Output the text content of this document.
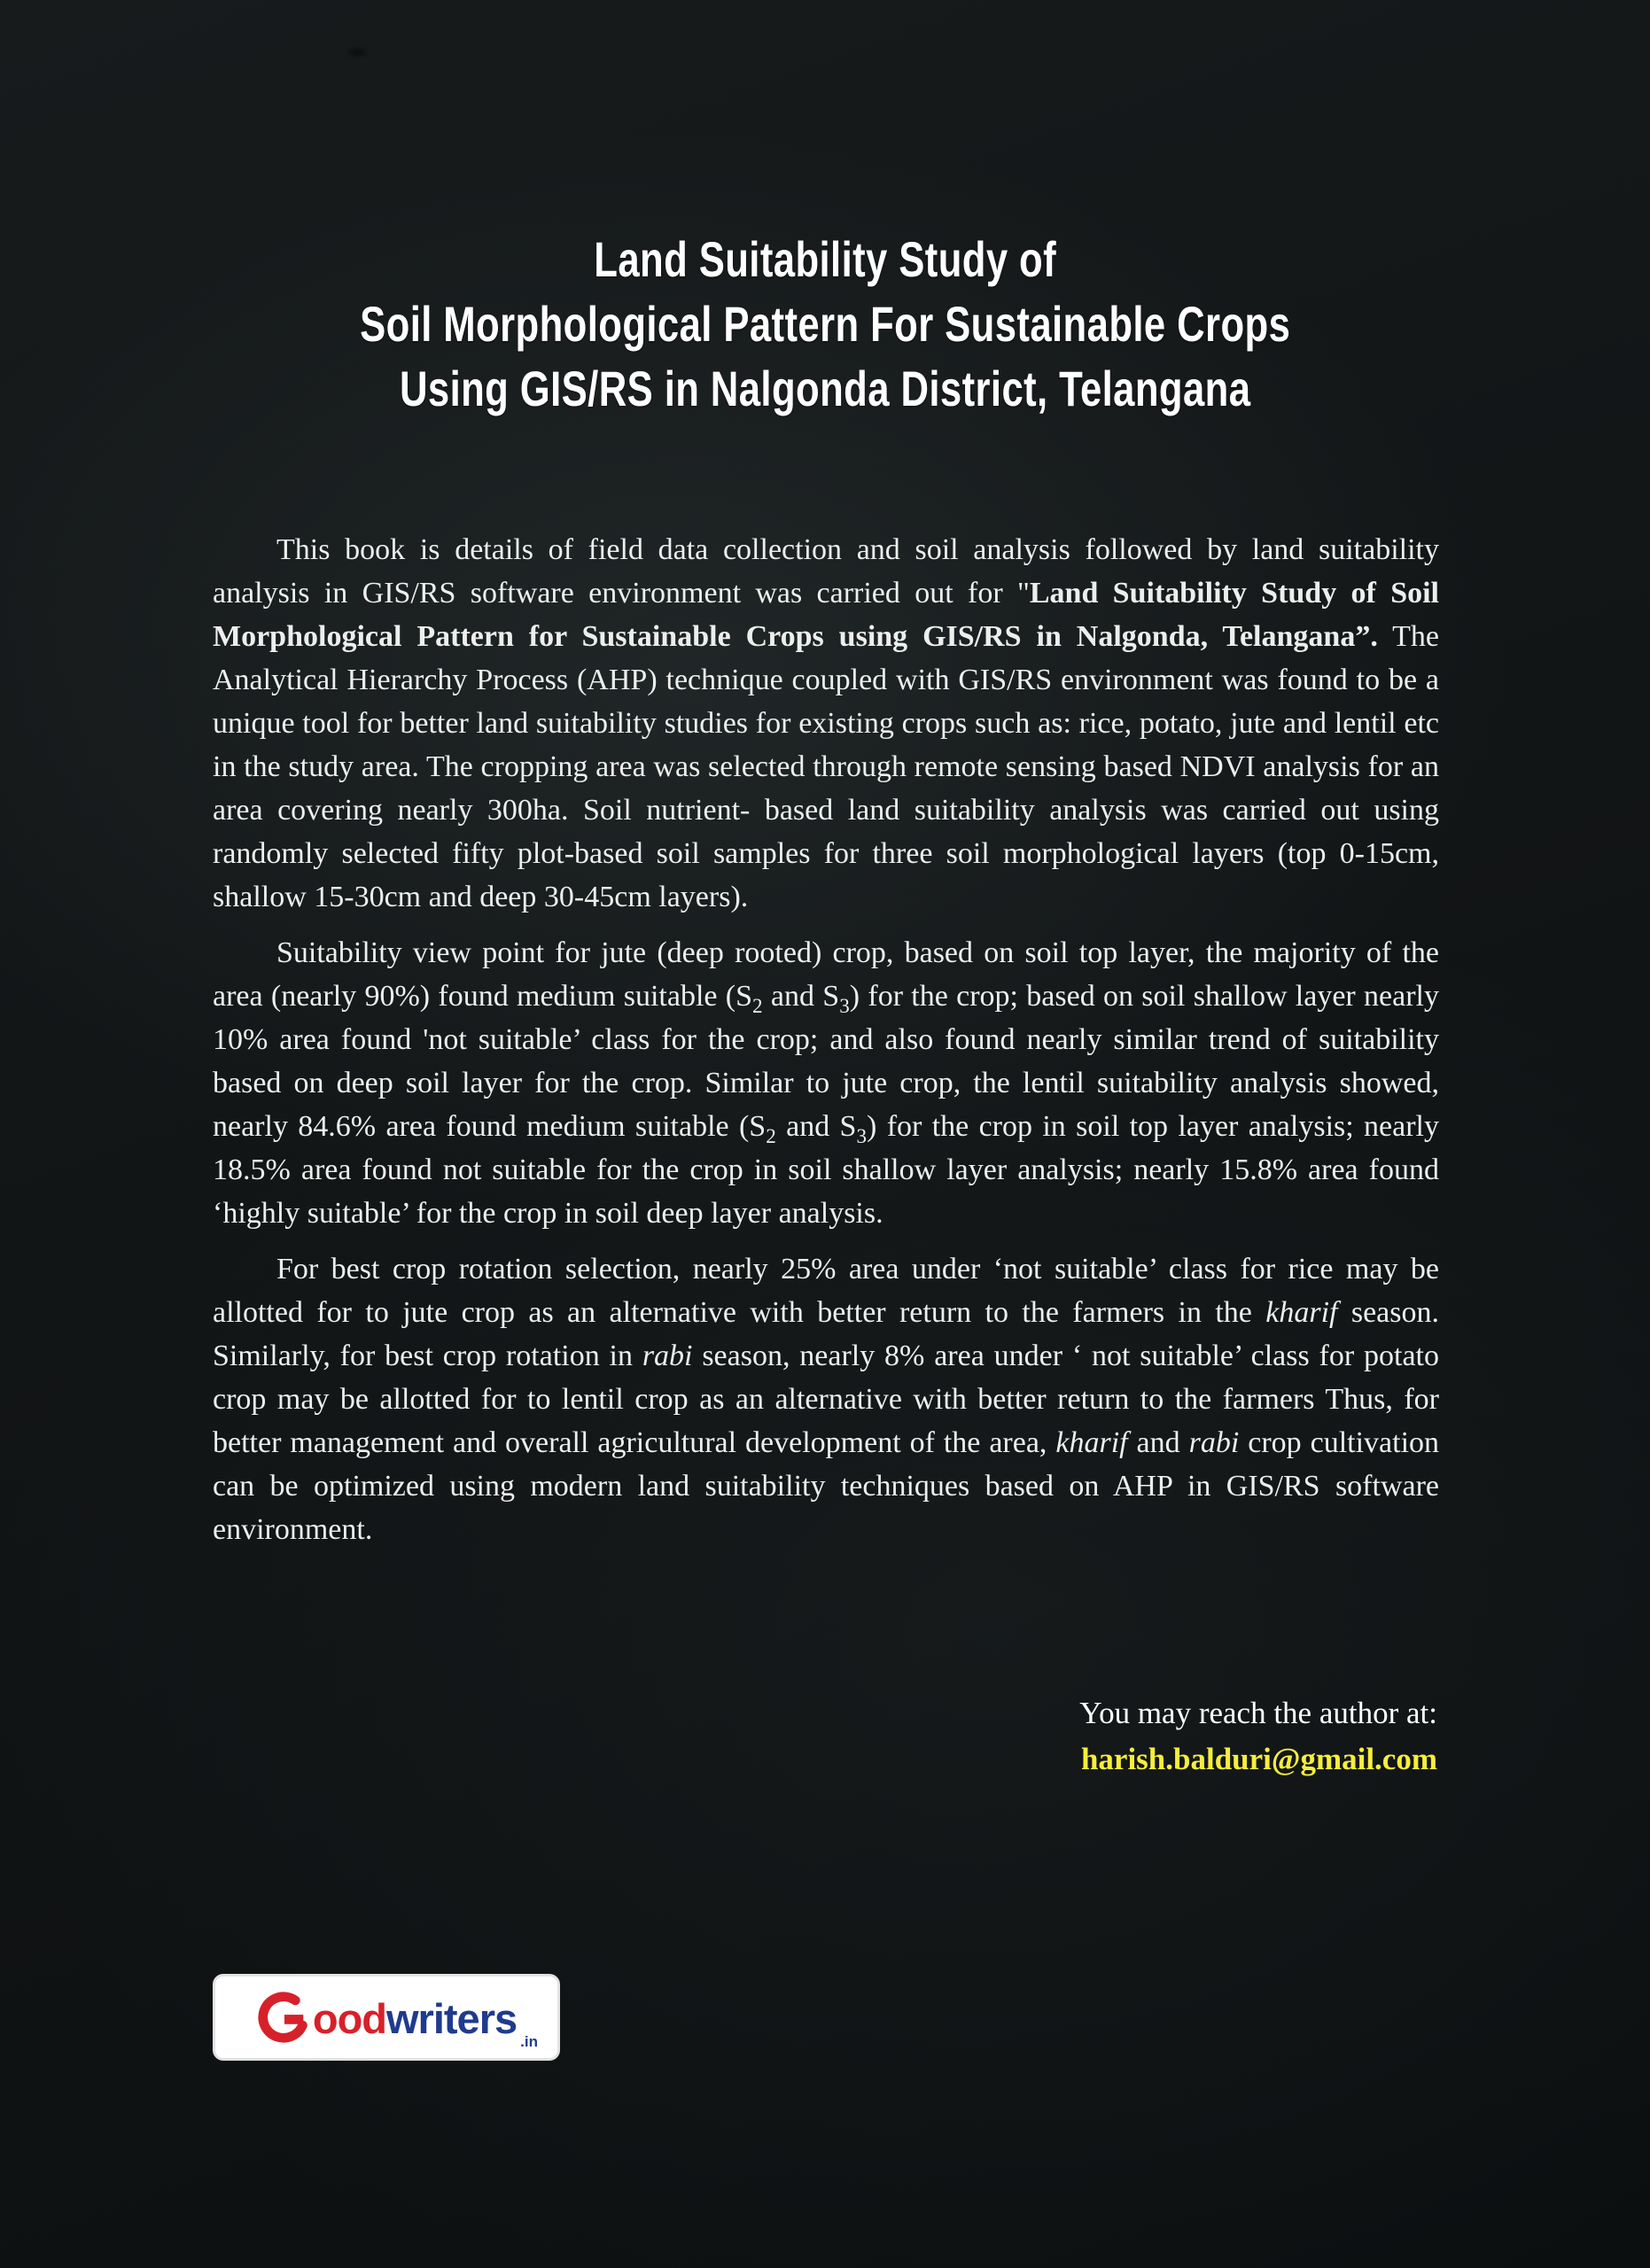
Land Suitability Study of
Soil Morphological Pattern For Sustainable Crops
Using GIS/RS in Nalgonda District, Telangana

This book is details of field data collection and soil analysis followed by land suitability analysis in GIS/RS software environment was carried out for "Land Suitability Study of Soil Morphological Pattern for Sustainable Crops using GIS/RS in Nalgonda, Telangana”. The Analytical Hierarchy Process (AHP) technique coupled with GIS/RS environment was found to be a unique tool for better land suitability studies for existing crops such as: rice, potato, jute and lentil etc in the study area. The cropping area was selected through remote sensing based NDVI analysis for an area covering nearly 300ha. Soil nutrient- based land suitability analysis was carried out using randomly selected fifty plot-based soil samples for three soil morphological layers (top 0-15cm, shallow 15-30cm and deep 30-45cm layers).

Suitability view point for jute (deep rooted) crop, based on soil top layer, the majority of the area (nearly 90%) found medium suitable ($S_2$ and $S_3$) for the crop; based on soil shallow layer nearly 10% area found 'not suitable’ class for the crop; and also found nearly similar trend of suitability based on deep soil layer for the crop. Similar to jute crop, the lentil suitability analysis showed, nearly 84.6% area found medium suitable ($S_2$ and $S_3$) for the crop in soil top layer analysis; nearly 18.5% area found not suitable for the crop in soil shallow layer analysis; nearly 15.8% area found ‘highly suitable’ for the crop in soil deep layer analysis.

For best crop rotation selection, nearly 25% area under ‘not suitable’ class for rice may be allotted for to jute crop as an alternative with better return to the farmers in the kharif season. Similarly, for best crop rotation in rabi season, nearly 8% area under ‘ not suitable’ class for potato crop may be allotted for to lentil crop as an alternative with better return to the farmers Thus, for better management and overall agricultural development of the area, kharif and rabi crop cultivation can be optimized using modern land suitability techniques based on AHP in GIS/RS software environment.

You may reach the author at:
harish.balduri@gmail.com
oodwriters .in
